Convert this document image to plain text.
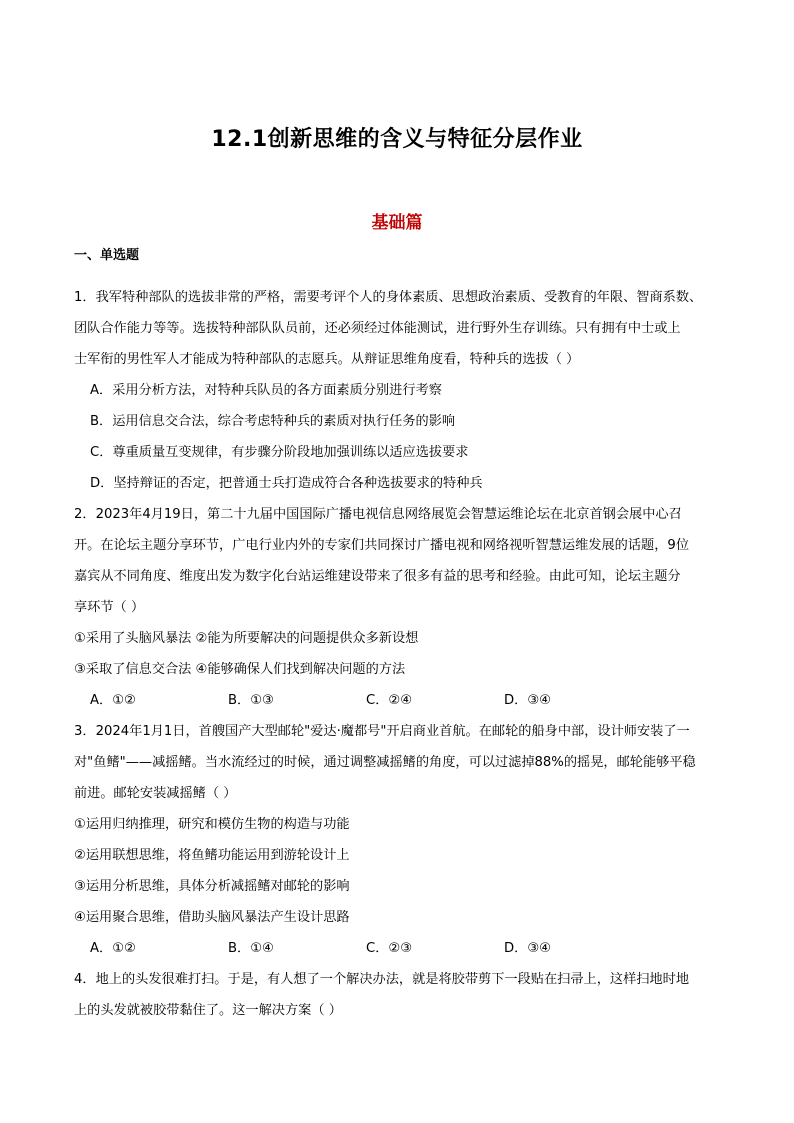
12.1创新思维的含义与特征分层作业
基础篇
一、单选题
1．我军特种部队的选拔非常的严格，需要考评个人的身体素质、思想政治素质、受教育的年限、智商系数、
团队合作能力等等。选拔特种部队队员前，还必须经过体能测试，进行野外生存训练。只有拥有中士或上
士军衔的男性军人才能成为特种部队的志愿兵。从辩证思维角度看，特种兵的选拔（ ）
A．采用分析方法，对特种兵队员的各方面素质分别进行考察
B．运用信息交合法，综合考虑特种兵的素质对执行任务的影响
C．尊重质量互变规律，有步骤分阶段地加强训练以适应选拔要求
D．坚持辩证的否定，把普通士兵打造成符合各种选拔要求的特种兵
2．2023年4月19日，第二十九届中国国际广播电视信息网络展览会智慧运维论坛在北京首钢会展中心召
开。在论坛主题分享环节，广电行业内外的专家们共同探讨广播电视和网络视听智慧运维发展的话题，9位
嘉宾从不同角度、维度出发为数字化台站运维建设带来了很多有益的思考和经验。由此可知，论坛主题分
享环节（ ）
①采用了头脑风暴法 ②能为所要解决的问题提供众多新设想
③采取了信息交合法 ④能够确保人们找到解决问题的方法
A．①②	B．①③	C．②④	D．③④
3．2024年1月1日，首艘国产大型邮轮"爱达·魔都号"开启商业首航。在邮轮的船身中部，设计师安装了一
对"鱼鳍"——减摇鳍。当水流经过的时候，通过调整减摇鳍的角度，可以过滤掉88%的摇晃，邮轮能够平稳
前进。邮轮安装减摇鳍（ ）
①运用归纳推理，研究和模仿生物的构造与功能
②运用联想思维，将鱼鳍功能运用到游轮设计上
③运用分析思维，具体分析减摇鳍对邮轮的影响
④运用聚合思维，借助头脑风暴法产生设计思路
A．①②	B．①④	C．②③	D．③④
4．地上的头发很难打扫。于是，有人想了一个解决办法，就是将胶带剪下一段贴在扫帚上，这样扫地时地
上的头发就被胶带黏住了。这一解决方案（ ）
